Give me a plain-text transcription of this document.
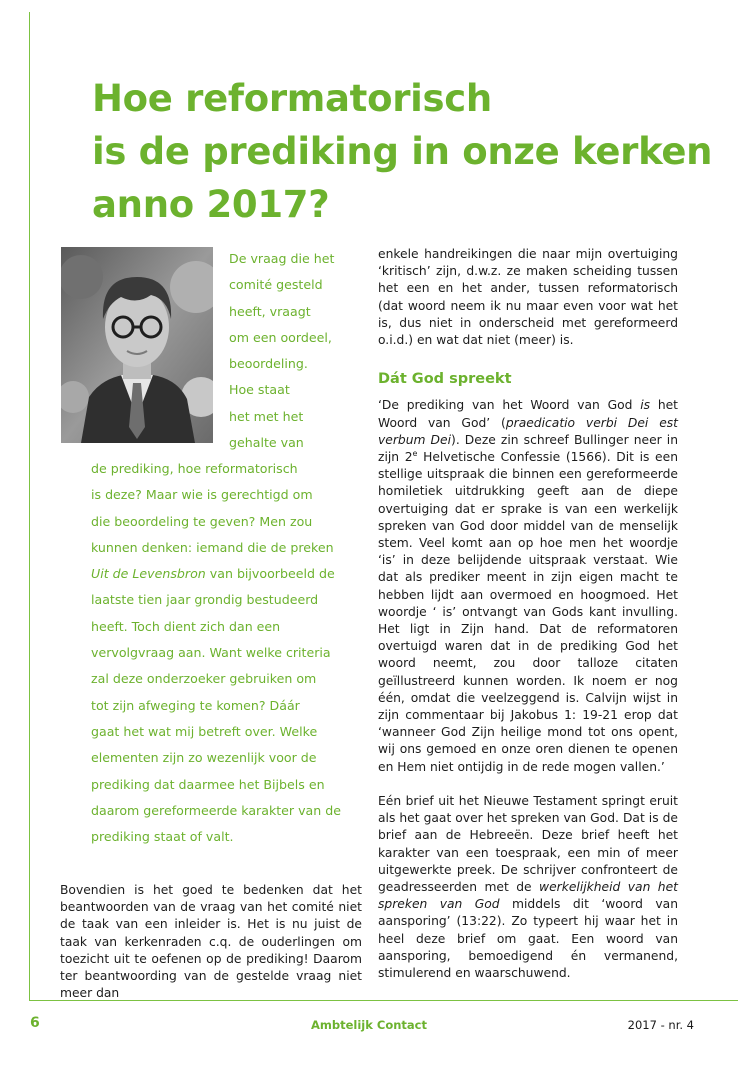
Hoe reformatorisch
is de prediking in onze kerken
anno 2017?
De vraag die het
comité gesteld
heeft, vraagt
om een oordeel,
beoordeling.
Hoe staat
het met het
gehalte van
de prediking, hoe reformatorisch
is deze? Maar wie is gerechtigd om
die beoordeling te geven? Men zou
kunnen denken: iemand die de preken
Uit de Levensbron van bijvoorbeeld de
laatste tien jaar grondig bestudeerd
heeft. Toch dient zich dan een
vervolgvraag aan. Want welke criteria
zal deze onderzoeker gebruiken om
tot zijn afweging te komen? Dáár
gaat het wat mij betreft over. Welke
elementen zijn zo wezenlijk voor de
prediking dat daarmee het Bijbels en
daarom gereformeerde karakter van de
prediking staat of valt.

Bovendien is het goed te bedenken dat het beantwoorden van de vraag van het comité niet de taak van een inleider is. Het is nu juist de taak van kerkenraden c.q. de ouderlingen om toezicht uit te oefenen op de prediking! Daarom ter beantwoording van de gestelde vraag niet meer dan

enkele handreikingen die naar mijn overtuiging ‘kritisch’ zijn, d.w.z. ze maken scheiding tussen het een en het ander, tussen reformatorisch (dat woord neem ik nu maar even voor wat het is, dus niet in onderscheid met gereformeerd o.i.d.) en wat dat niet (meer) is.

Dát God spreekt

‘De prediking van het Woord van God is het Woord van God’ (praedicatio verbi Dei est verbum Dei). Deze zin schreef Bullinger neer in zijn 2e Helvetische Confessie (1566). Dit is een stellige uitspraak die binnen een gereformeerde homiletiek uitdrukking geeft aan de diepe overtuiging dat er sprake is van een werkelijk spreken van God door middel van de menselijk stem. Veel komt aan op hoe men het woordje ‘is’ in deze belijdende uitspraak verstaat. Wie dat als prediker meent in zijn eigen macht te hebben lijdt aan overmoed en hoogmoed. Het woordje ‘ is’ ontvangt van Gods kant invulling. Het ligt in Zijn hand. Dat de reformatoren overtuigd waren dat in de prediking God het woord neemt, zou door talloze citaten geïllustreerd kunnen worden. Ik noem er nog één, omdat die veelzeggend is. Calvijn wijst in zijn commentaar bij Jakobus 1: 19-21 erop dat ‘wanneer God Zijn heilige mond tot ons opent, wij ons gemoed en onze oren dienen te openen en Hem niet ontijdig in de rede mogen vallen.’

Eén brief uit het Nieuwe Testament springt eruit als het gaat over het spreken van God. Dat is de brief aan de Hebreeën. Deze brief heeft het karakter van een toespraak, een min of meer uitgewerkte preek. De schrijver confronteert de geadresseerden met de werkelijkheid van het spreken van God middels dit ‘woord van aansporing’ (13:22). Zo typeert hij waar het in heel deze brief om gaat. Een woord van aansporing, bemoedigend én vermanend, stimulerend en waarschuwend.

6	Ambtelijk Contact	2017 - nr. 4
